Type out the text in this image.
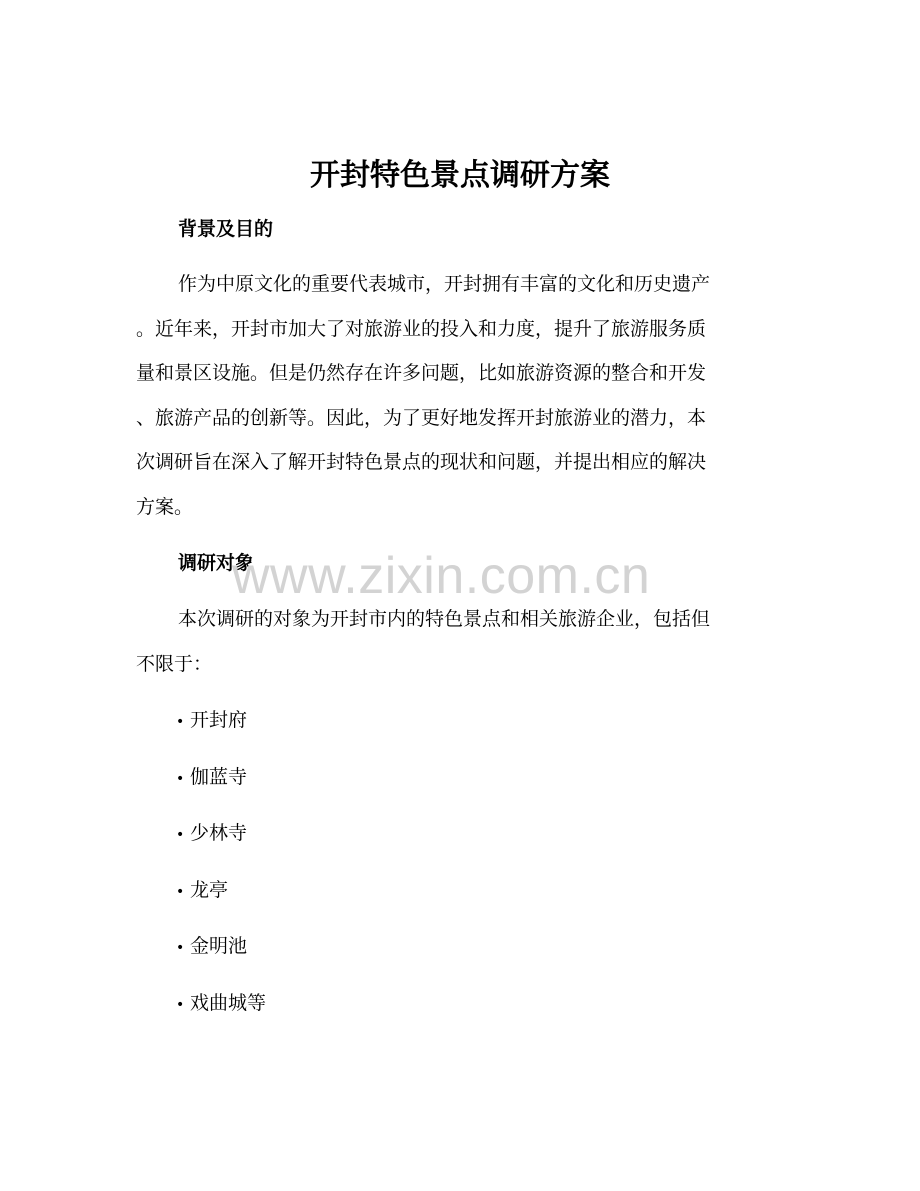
开封特色景点调研方案
背景及目的

作为中原文化的重要代表城市，开封拥有丰富的文化和历史遗产
。近年来，开封市加大了对旅游业的投入和力度，提升了旅游服务质
量和景区设施。但是仍然存在许多问题，比如旅游资源的整合和开发
、旅游产品的创新等。因此，为了更好地发挥开封旅游业的潜力，本
次调研旨在深入了解开封特色景点的现状和问题，并提出相应的解决
方案。

调研对象

本次调研的对象为开封市内的特色景点和相关旅游企业，包括但
不限于：

• 开封府
• 伽蓝寺
• 少林寺
• 龙亭
• 金明池
• 戏曲城等
www.zixin.com.cn
